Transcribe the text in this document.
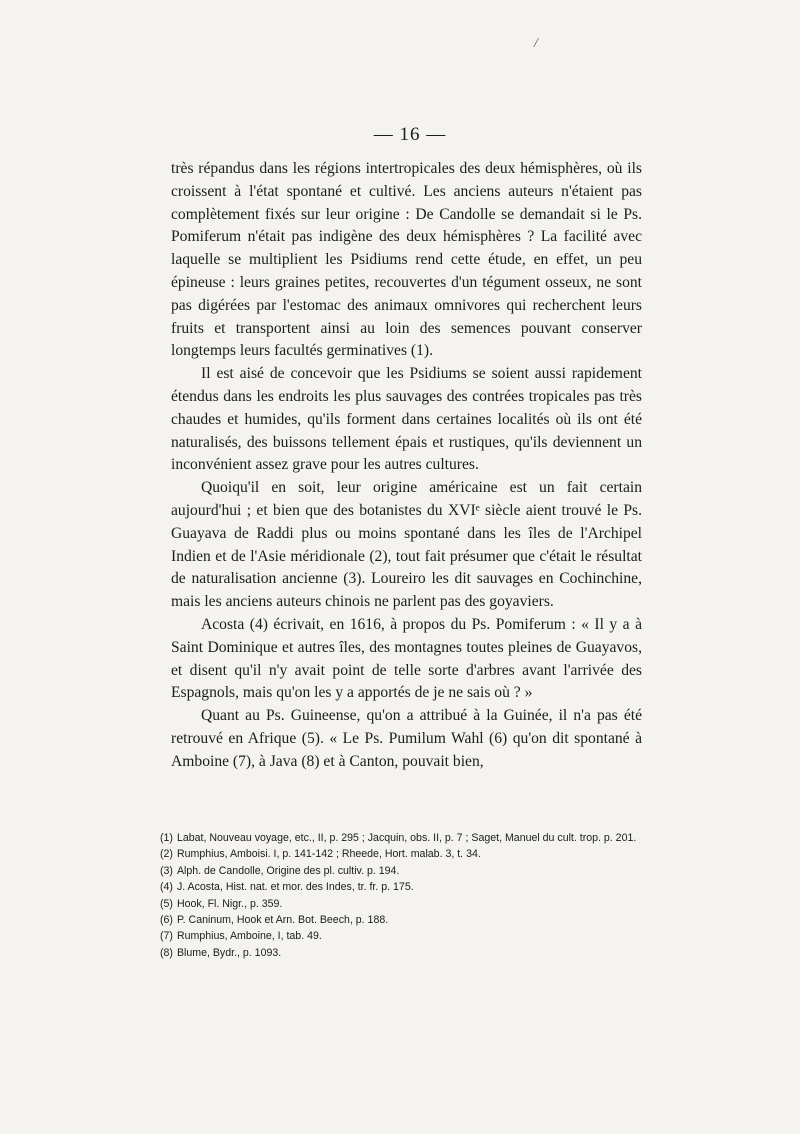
/
— 16 —

très répandus dans les régions intertropicales des deux hémisphères, où ils croissent à l'état spontané et cultivé. Les anciens auteurs n'étaient pas complètement fixés sur leur origine : De Candolle se demandait si le Ps. Pomiferum n'était pas indigène des deux hémisphères ? La facilité avec laquelle se multiplient les Psidiums rend cette étude, en effet, un peu épineuse : leurs graines petites, recouvertes d'un tégument osseux, ne sont pas digérées par l'estomac des animaux omnivores qui recherchent leurs fruits et transportent ainsi au loin des semences pouvant conserver longtemps leurs facultés germinatives (1).

Il est aisé de concevoir que les Psidiums se soient aussi rapidement étendus dans les endroits les plus sauvages des contrées tropicales pas très chaudes et humides, qu'ils forment dans certaines localités où ils ont été naturalisés, des buissons tellement épais et rustiques, qu'ils deviennent un inconvénient assez grave pour les autres cultures.

Quoiqu'il en soit, leur origine américaine est un fait certain aujourd'hui ; et bien que des botanistes du XVIᵉ siècle aient trouvé le Ps. Guayava de Raddi plus ou moins spontané dans les îles de l'Archipel Indien et de l'Asie méridionale (2), tout fait présumer que c'était le résultat de naturalisation ancienne (3). Loureiro les dit sauvages en Cochinchine, mais les anciens auteurs chinois ne parlent pas des goyaviers.

Acosta (4) écrivait, en 1616, à propos du Ps. Pomiferum : « Il y a à Saint Dominique et autres îles, des montagnes toutes pleines de Guayavos, et disent qu'il n'y avait point de telle sorte d'arbres avant l'arrivée des Espagnols, mais qu'on les y a apportés de je ne sais où ? »

Quant au Ps. Guineense, qu'on a attribué à la Guinée, il n'a pas été retrouvé en Afrique (5). « Le Ps. Pumilum Wahl (6) qu'on dit spontané à Amboine (7), à Java (8) et à Canton, pouvait bien,

(1) Labat, Nouveau voyage, etc., II, p. 295 ; Jacquin, obs. II, p. 7 ; Saget, Manuel du cult. trop. p. 201.
(2) Rumphius, Amboisi. I, p. 141-142 ; Rheede, Hort. malab. 3, t. 34.
(3) Alph. de Candolle, Origine des pl. cultiv. p. 194.
(4) J. Acosta, Hist. nat. et mor. des Indes, tr. fr. p. 175.
(5) Hook, Fl. Nigr., p. 359.
(6) P. Caninum, Hook et Arn. Bot. Beech, p. 188.
(7) Rumphius, Amboine, I, tab. 49.
(8) Blume, Bydr., p. 1093.
